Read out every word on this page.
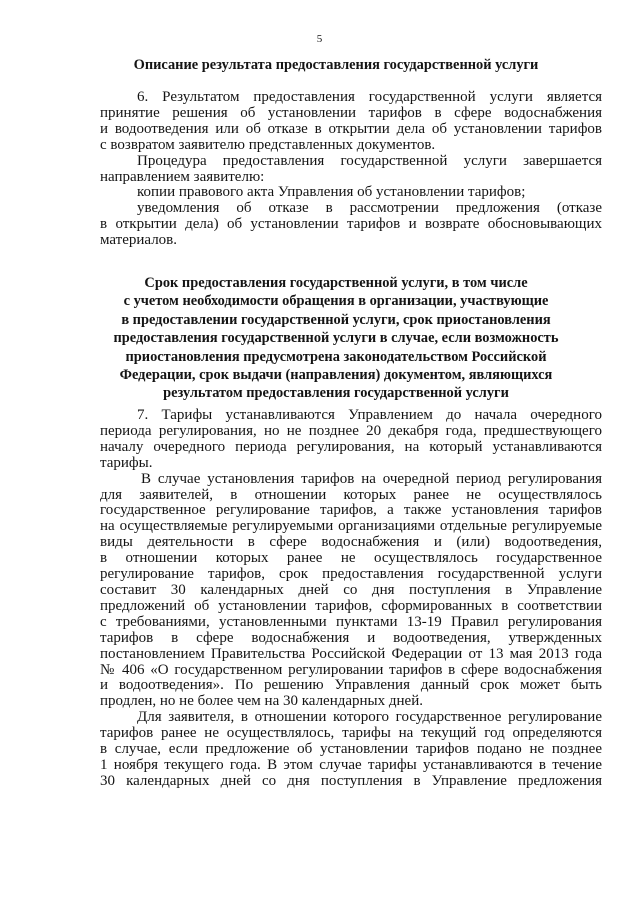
5
Описание результата предоставления государственной услуги
6. Результатом предоставления государственной услуги является
принятие решения об установлении тарифов в сфере водоснабжения
и водоотведения или об отказе в открытии дела об установлении тарифов
с возвратом заявителю представленных документов.
Процедура предоставления государственной услуги завершается
направлением заявителю:
копии правового акта Управления об установлении тарифов;
уведомления об отказе в рассмотрении предложения (отказе
в открытии дела) об установлении тарифов и возврате обосновывающих
материалов.
Срок предоставления государственной услуги, в том числе
с учетом необходимости обращения в организации, участвующие
в предоставлении государственной услуги, срок приостановления
предоставления государственной услуги в случае, если возможность
приостановления предусмотрена законодательством Российской
Федерации, срок выдачи (направления) документом, являющихся
результатом предоставления государственной услуги
7. Тарифы устанавливаются Управлением до начала очередного
периода регулирования, но не позднее 20 декабря года, предшествующего
началу очередного периода регулирования, на который устанавливаются
тарифы.
В случае установления тарифов на очередной период регулирования
для заявителей, в отношении которых ранее не осуществлялось
государственное регулирование тарифов, а также установления тарифов
на осуществляемые регулируемыми организациями отдельные регулируемые
виды деятельности в сфере водоснабжения и (или) водоотведения,
в отношении которых ранее не осуществлялось государственное
регулирование тарифов, срок предоставления государственной услуги
составит 30 календарных дней со дня поступления в Управление
предложений об установлении тарифов, сформированных в соответствии
с требованиями, установленными пунктами 13-19 Правил регулирования
тарифов в сфере водоснабжения и водоотведения, утвержденных
постановлением Правительства Российской Федерации от 13 мая 2013 года
№ 406 «О государственном регулировании тарифов в сфере водоснабжения
и водоотведения». По решению Управления данный срок может быть
продлен, но не более чем на 30 календарных дней.
Для заявителя, в отношении которого государственное регулирование
тарифов ранее не осуществлялось, тарифы на текущий год определяются
в случае, если предложение об установлении тарифов подано не позднее
1 ноября текущего года. В этом случае тарифы устанавливаются в течение
30 календарных дней со дня поступления в Управление предложения
